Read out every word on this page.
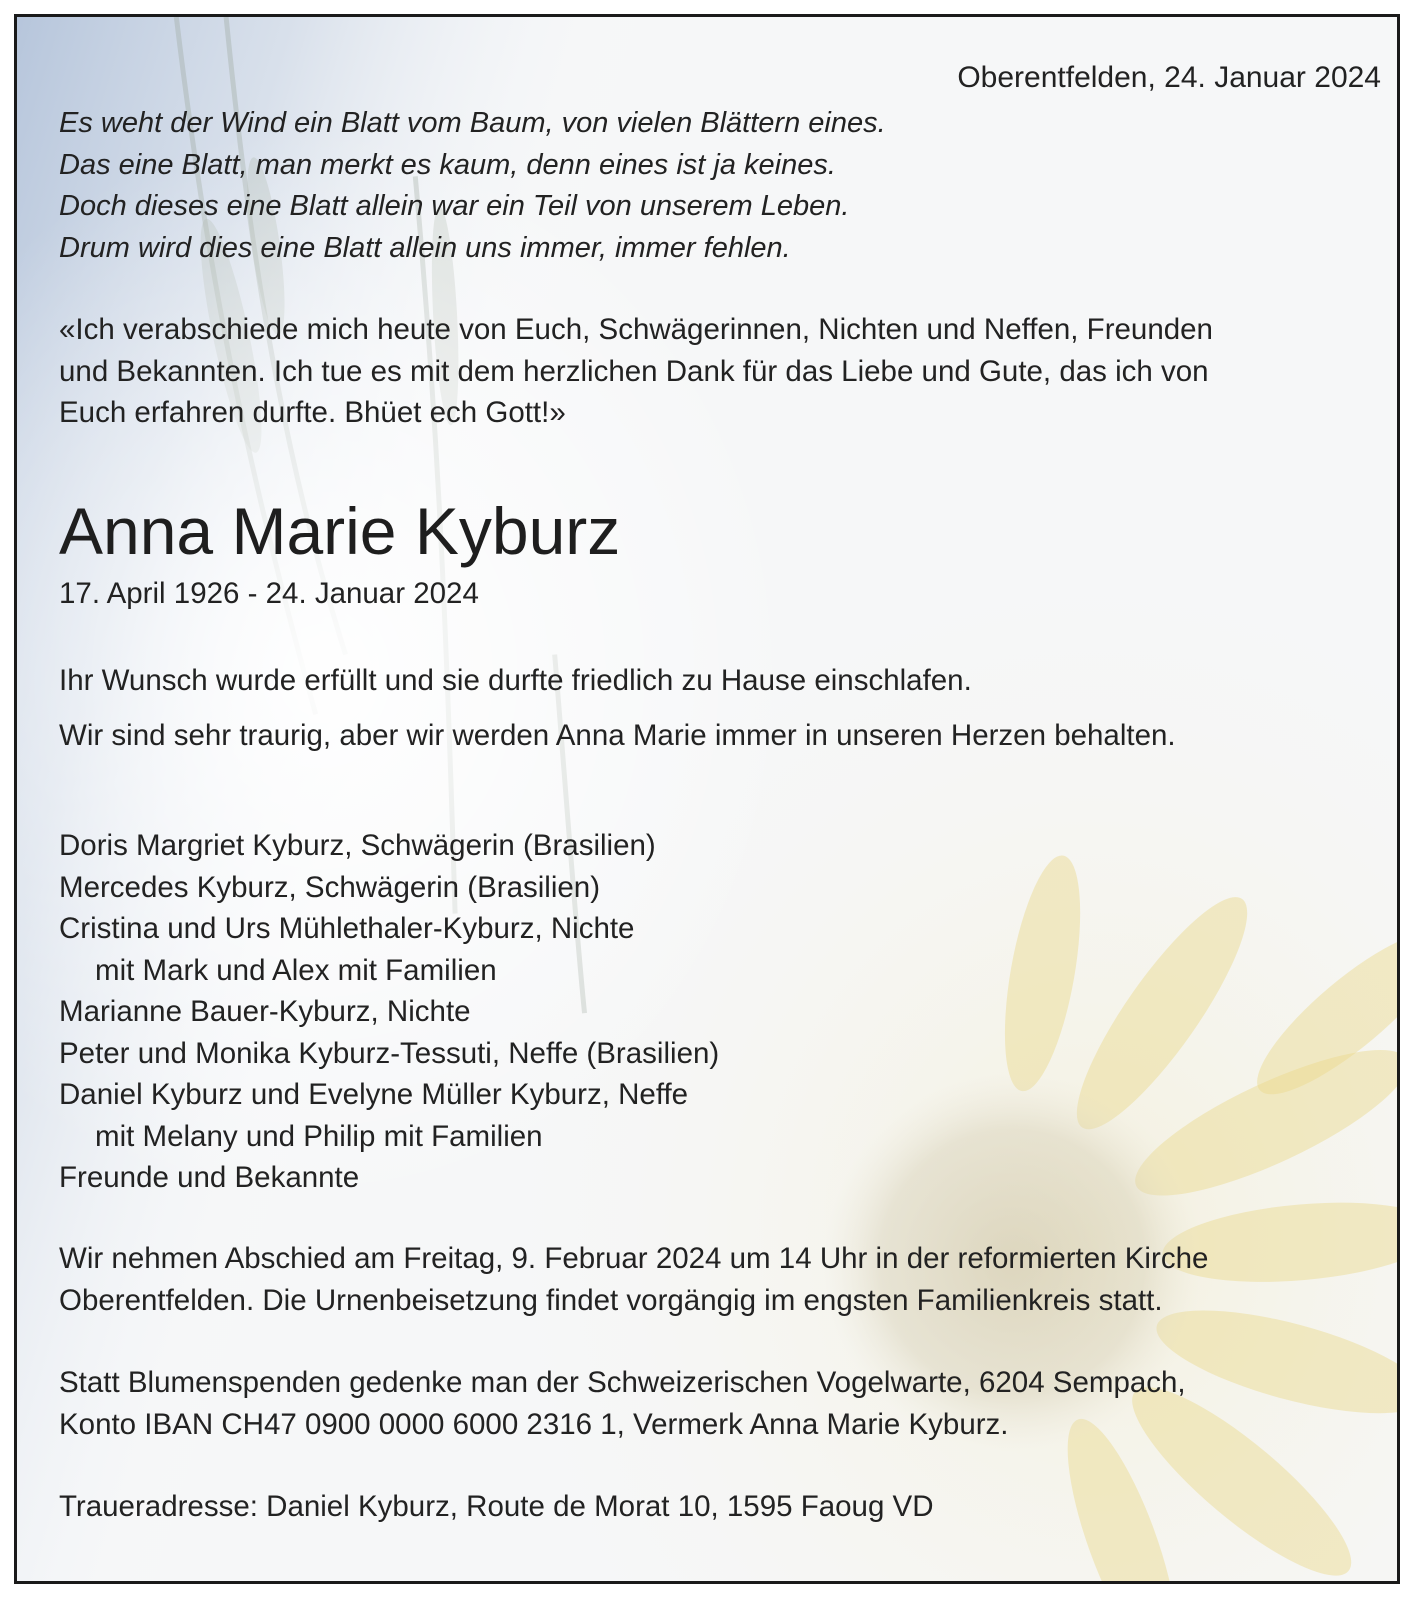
Oberentfelden, 24. Januar 2024
Es weht der Wind ein Blatt vom Baum, von vielen Blättern eines.
Das eine Blatt, man merkt es kaum, denn eines ist ja keines.
Doch dieses eine Blatt allein war ein Teil von unserem Leben.
Drum wird dies eine Blatt allein uns immer, immer fehlen.
«Ich verabschiede mich heute von Euch, Schwägerinnen, Nichten und Neffen, Freunden
und Bekannten. Ich tue es mit dem herzlichen Dank für das Liebe und Gute, das ich von
Euch erfahren durfte. Bhüet ech Gott!»
Anna Marie Kyburz
17. April 1926 - 24. Januar 2024
Ihr Wunsch wurde erfüllt und sie durfte friedlich zu Hause einschlafen.
Wir sind sehr traurig, aber wir werden Anna Marie immer in unseren Herzen behalten.
Doris Margriet Kyburz, Schwägerin (Brasilien)
Mercedes Kyburz, Schwägerin (Brasilien)
Cristina und Urs Mühlethaler-Kyburz, Nichte
mit Mark und Alex mit Familien
Marianne Bauer-Kyburz, Nichte
Peter und Monika Kyburz-Tessuti, Neffe (Brasilien)
Daniel Kyburz und Evelyne Müller Kyburz, Neffe
mit Melany und Philip mit Familien
Freunde und Bekannte
Wir nehmen Abschied am Freitag, 9. Februar 2024 um 14 Uhr in der reformierten Kirche
Oberentfelden. Die Urnenbeisetzung findet vorgängig im engsten Familienkreis statt.
Statt Blumenspenden gedenke man der Schweizerischen Vogelwarte, 6204 Sempach,
Konto IBAN CH47 0900 0000 6000 2316 1, Vermerk Anna Marie Kyburz.
Traueradresse: Daniel Kyburz, Route de Morat 10, 1595 Faoug VD
